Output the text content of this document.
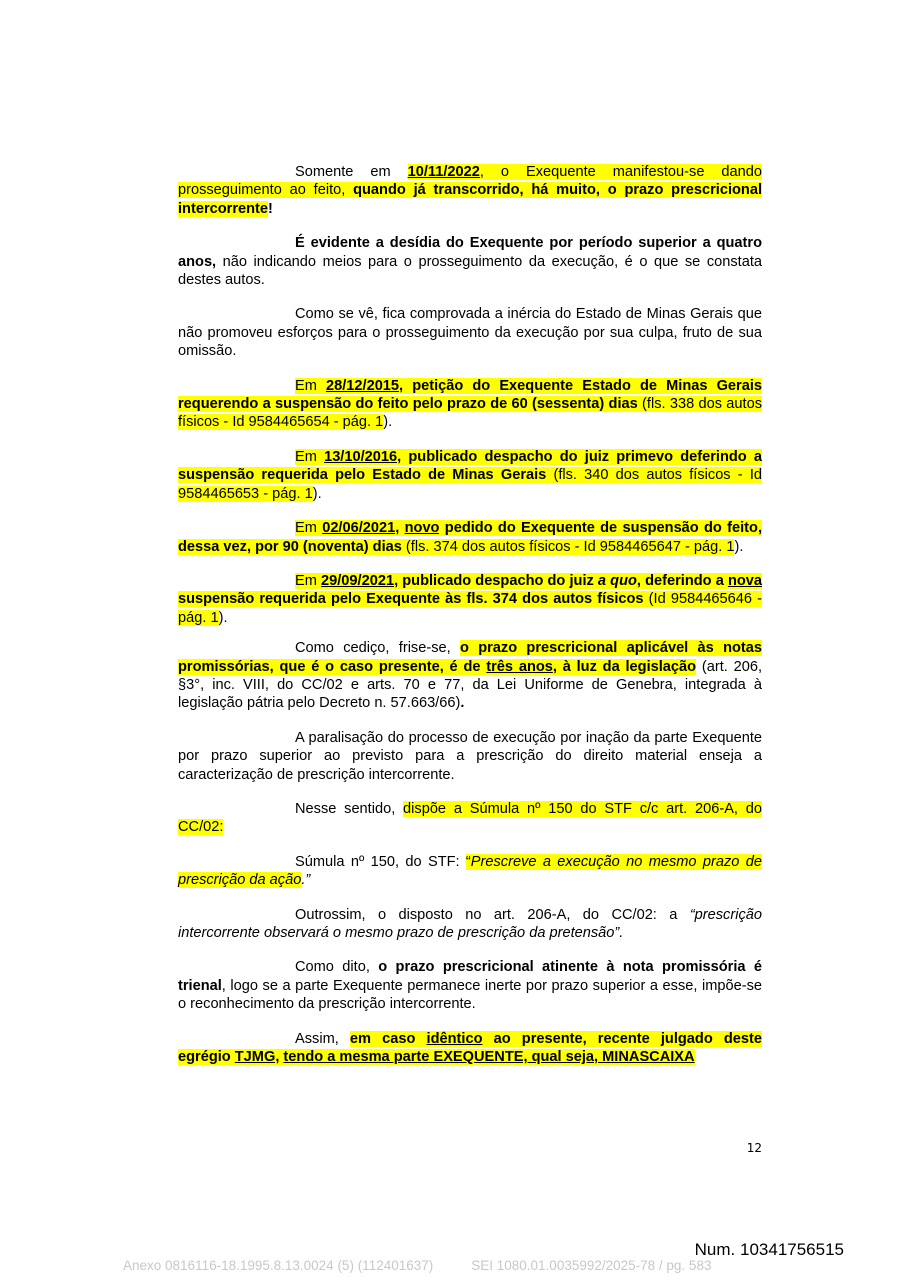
Somente em 10/11/2022, o Exequente manifestou-se dando prosseguimento ao feito, quando já transcorrido, há muito, o prazo prescricional intercorrente!

É evidente a desídia do Exequente por período superior a quatro anos, não indicando meios para o prosseguimento da execução, é o que se constata destes autos.

Como se vê, fica comprovada a inércia do Estado de Minas Gerais que não promoveu esforços para o prosseguimento da execução por sua culpa, fruto de sua omissão.

Em 28/12/2015, petição do Exequente Estado de Minas Gerais requerendo a suspensão do feito pelo prazo de 60 (sessenta) dias (fls. 338 dos autos físicos - Id 9584465654 - pág. 1).

Em 13/10/2016, publicado despacho do juiz primevo deferindo a suspensão requerida pelo Estado de Minas Gerais (fls. 340 dos autos físicos - Id 9584465653 - pág. 1).

Em 02/06/2021, novo pedido do Exequente de suspensão do feito, dessa vez, por 90 (noventa) dias (fls. 374 dos autos físicos - Id 9584465647 - pág. 1).

Em 29/09/2021, publicado despacho do juiz a quo, deferindo a nova suspensão requerida pelo Exequente às fls. 374 dos autos físicos (Id 9584465646 - pág. 1).

Como cediço, frise-se, o prazo prescricional aplicável às notas promissórias, que é o caso presente, é de três anos, à luz da legislação (art. 206, §3°, inc. VIII, do CC/02 e arts. 70 e 77, da Lei Uniforme de Genebra, integrada à legislação pátria pelo Decreto n. 57.663/66).

A paralisação do processo de execução por inação da parte Exequente por prazo superior ao previsto para a prescrição do direito material enseja a caracterização de prescrição intercorrente.

Nesse sentido, dispõe a Súmula nº 150 do STF c/c art. 206-A, do CC/02:

Súmula nº 150, do STF: “Prescreve a execução no mesmo prazo de prescrição da ação.”

Outrossim, o disposto no art. 206-A, do CC/02: a “prescrição intercorrente observará o mesmo prazo de prescrição da pretensão”.

Como dito, o prazo prescricional atinente à nota promissória é trienal, logo se a parte Exequente permanece inerte por prazo superior a esse, impõe-se o reconhecimento da prescrição intercorrente.

Assim, em caso idêntico ao presente, recente julgado deste egrégio TJMG, tendo a mesma parte EXEQUENTE, qual seja, MINASCAIXA

12
Num. 10341756515
Anexo 0816116-18.1995.8.13.0024 (5) (112401637)	SEI 1080.01.0035992/2025-78 / pg. 583
